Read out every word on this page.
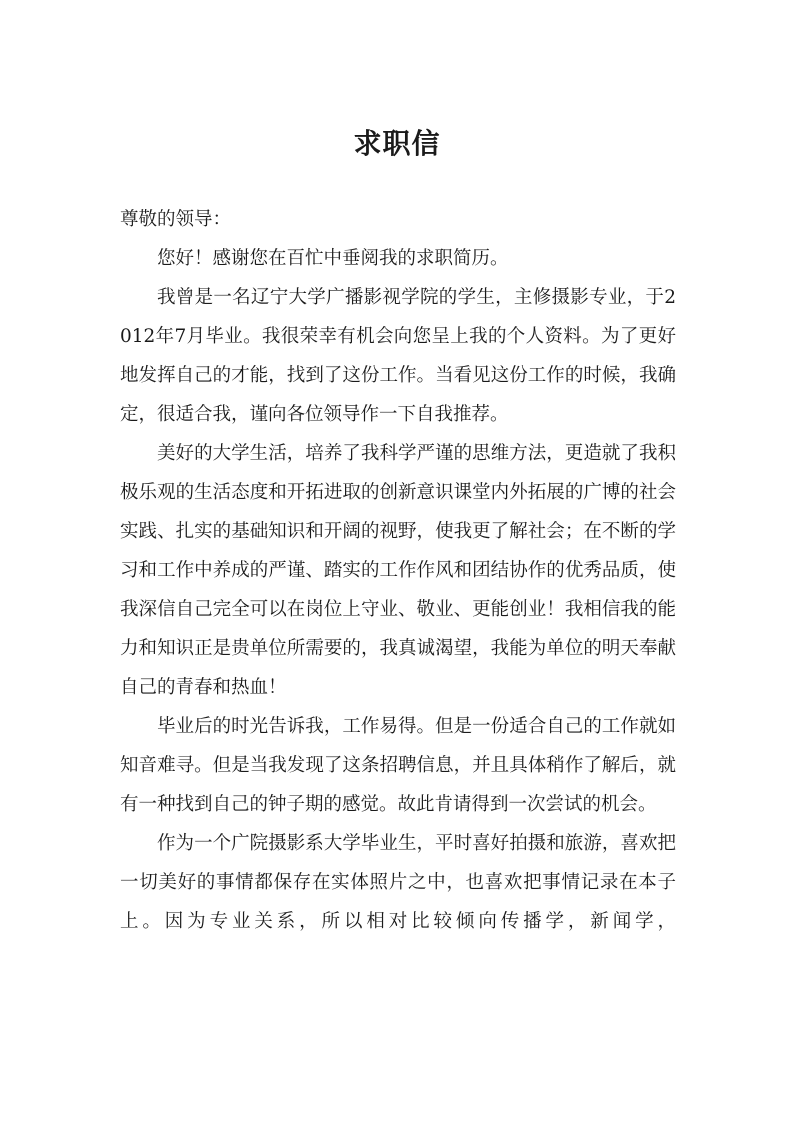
求职信

尊敬的领导：

您好！感谢您在百忙中垂阅我的求职简历。

我曾是一名辽宁大学广播影视学院的学生，主修摄影专业，于2012年7月毕业。我很荣幸有机会向您呈上我的个人资料。为了更好地发挥自己的才能，找到了这份工作。当看见这份工作的时候，我确定，很适合我，谨向各位领导作一下自我推荐。

美好的大学生活，培养了我科学严谨的思维方法，更造就了我积极乐观的生活态度和开拓进取的创新意识课堂内外拓展的广博的社会实践、扎实的基础知识和开阔的视野，使我更了解社会；在不断的学习和工作中养成的严谨、踏实的工作作风和团结协作的优秀品质，使我深信自己完全可以在岗位上守业、敬业、更能创业！我相信我的能力和知识正是贵单位所需要的，我真诚渴望，我能为单位的明天奉献自己的青春和热血！

毕业后的时光告诉我，工作易得。但是一份适合自己的工作就如知音难寻。但是当我发现了这条招聘信息，并且具体稍作了解后，就有一种找到自己的钟子期的感觉。故此肯请得到一次尝试的机会。

作为一个广院摄影系大学毕业生，平时喜好拍摄和旅游，喜欢把一切美好的事情都保存在实体照片之中，也喜欢把事情记录在本子上。因为专业关系，所以相对比较倾向传播学，新闻学，
